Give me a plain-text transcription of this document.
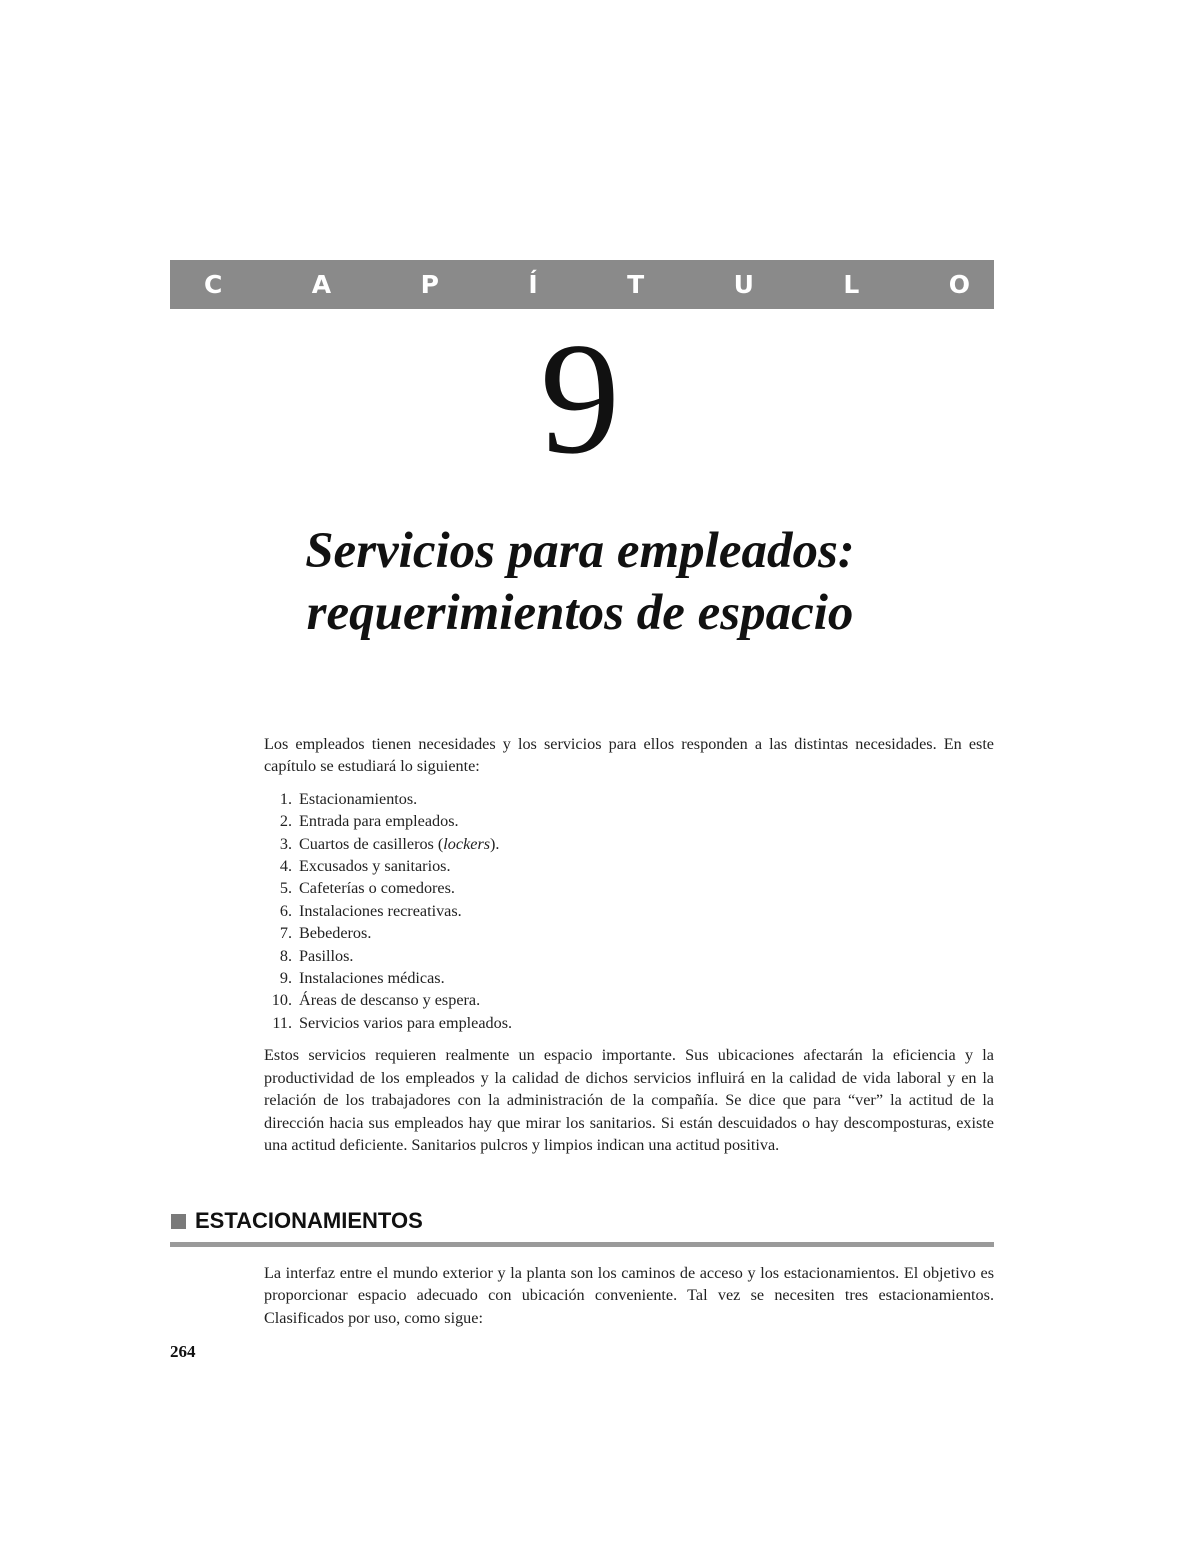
C	A	P	Í	T	U	L	O
9
Servicios para empleados:
requerimientos de espacio

Los empleados tienen necesidades y los servicios para ellos responden a las distintas necesidades. En este capítulo se estudiará lo siguiente:

1. Estacionamientos.
2. Entrada para empleados.
3. Cuartos de casilleros (lockers).
4. Excusados y sanitarios.
5. Cafeterías o comedores.
6. Instalaciones recreativas.
7. Bebederos.
8. Pasillos.
9. Instalaciones médicas.
10. Áreas de descanso y espera.
11. Servicios varios para empleados.

Estos servicios requieren realmente un espacio importante. Sus ubicaciones afectarán la eficiencia y la productividad de los empleados y la calidad de dichos servicios influirá en la calidad de vida laboral y en la relación de los trabajadores con la administración de la compañía. Se dice que para “ver” la actitud de la dirección hacia sus empleados hay que mirar los sanitarios. Si están descuidados o hay descomposturas, existe una actitud deficiente. Sanitarios pulcros y limpios indican una actitud positiva.

ESTACIONAMIENTOS

La interfaz entre el mundo exterior y la planta son los caminos de acceso y los estacionamientos. El objetivo es proporcionar espacio adecuado con ubicación conveniente. Tal vez se necesiten tres estacionamientos. Clasificados por uso, como sigue:

264
